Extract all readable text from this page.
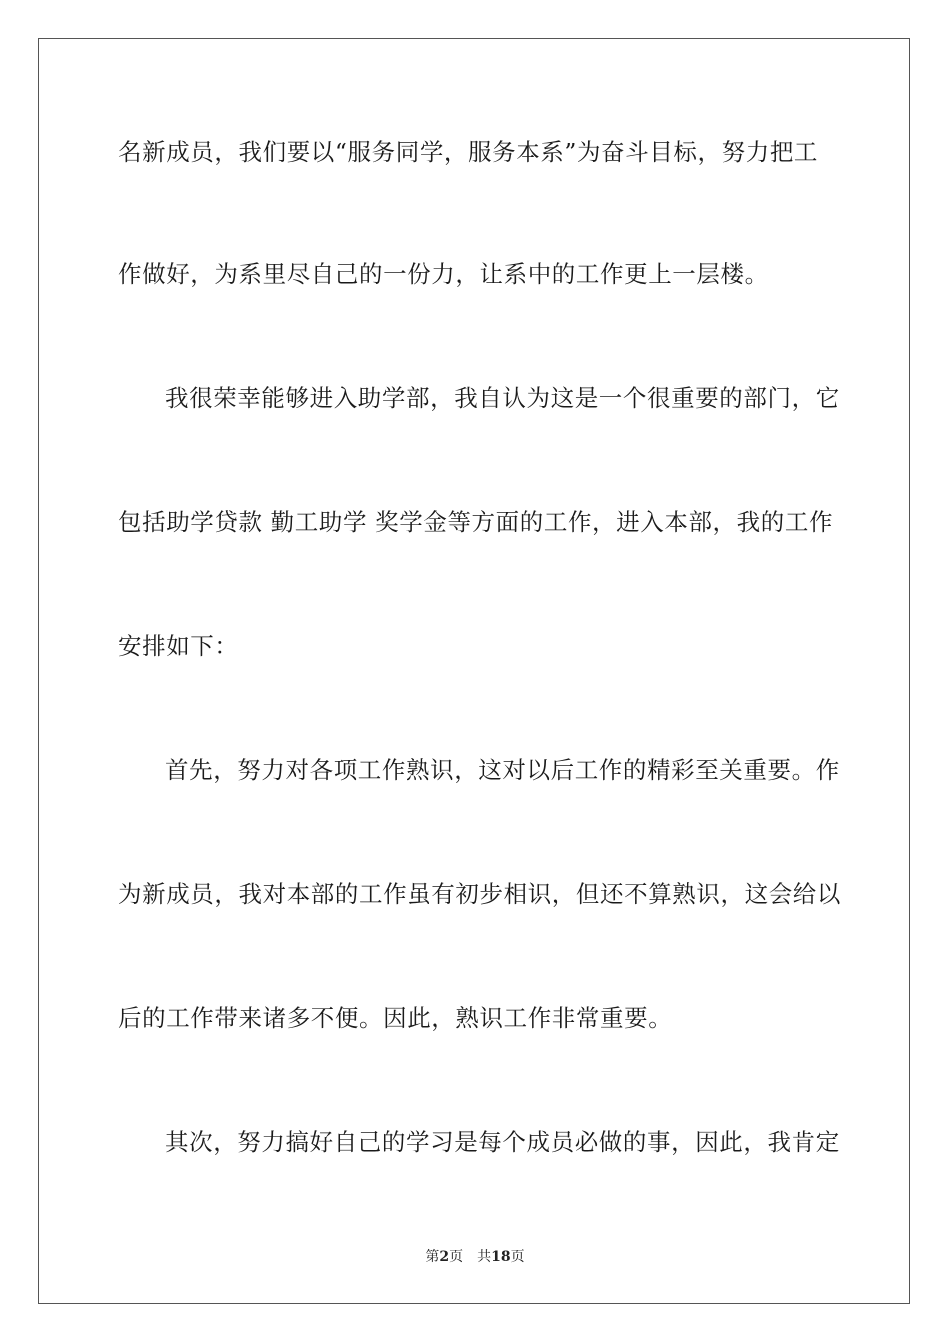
名新成员，我们要以“服务同学，服务本系”为奋斗目标，努力把工
作做好，为系里尽自己的一份力，让系中的工作更上一层楼。
我很荣幸能够进入助学部，我自认为这是一个很重要的部门，它
包括助学贷款 勤工助学 奖学金等方面的工作，进入本部，我的工作
安排如下：
首先，努力对各项工作熟识，这对以后工作的精彩至关重要。作
为新成员，我对本部的工作虽有初步相识，但还不算熟识，这会给以
后的工作带来诸多不便。因此，熟识工作非常重要。
其次，努力搞好自己的学习是每个成员必做的事，因此，我肯定
第2页 共18页
